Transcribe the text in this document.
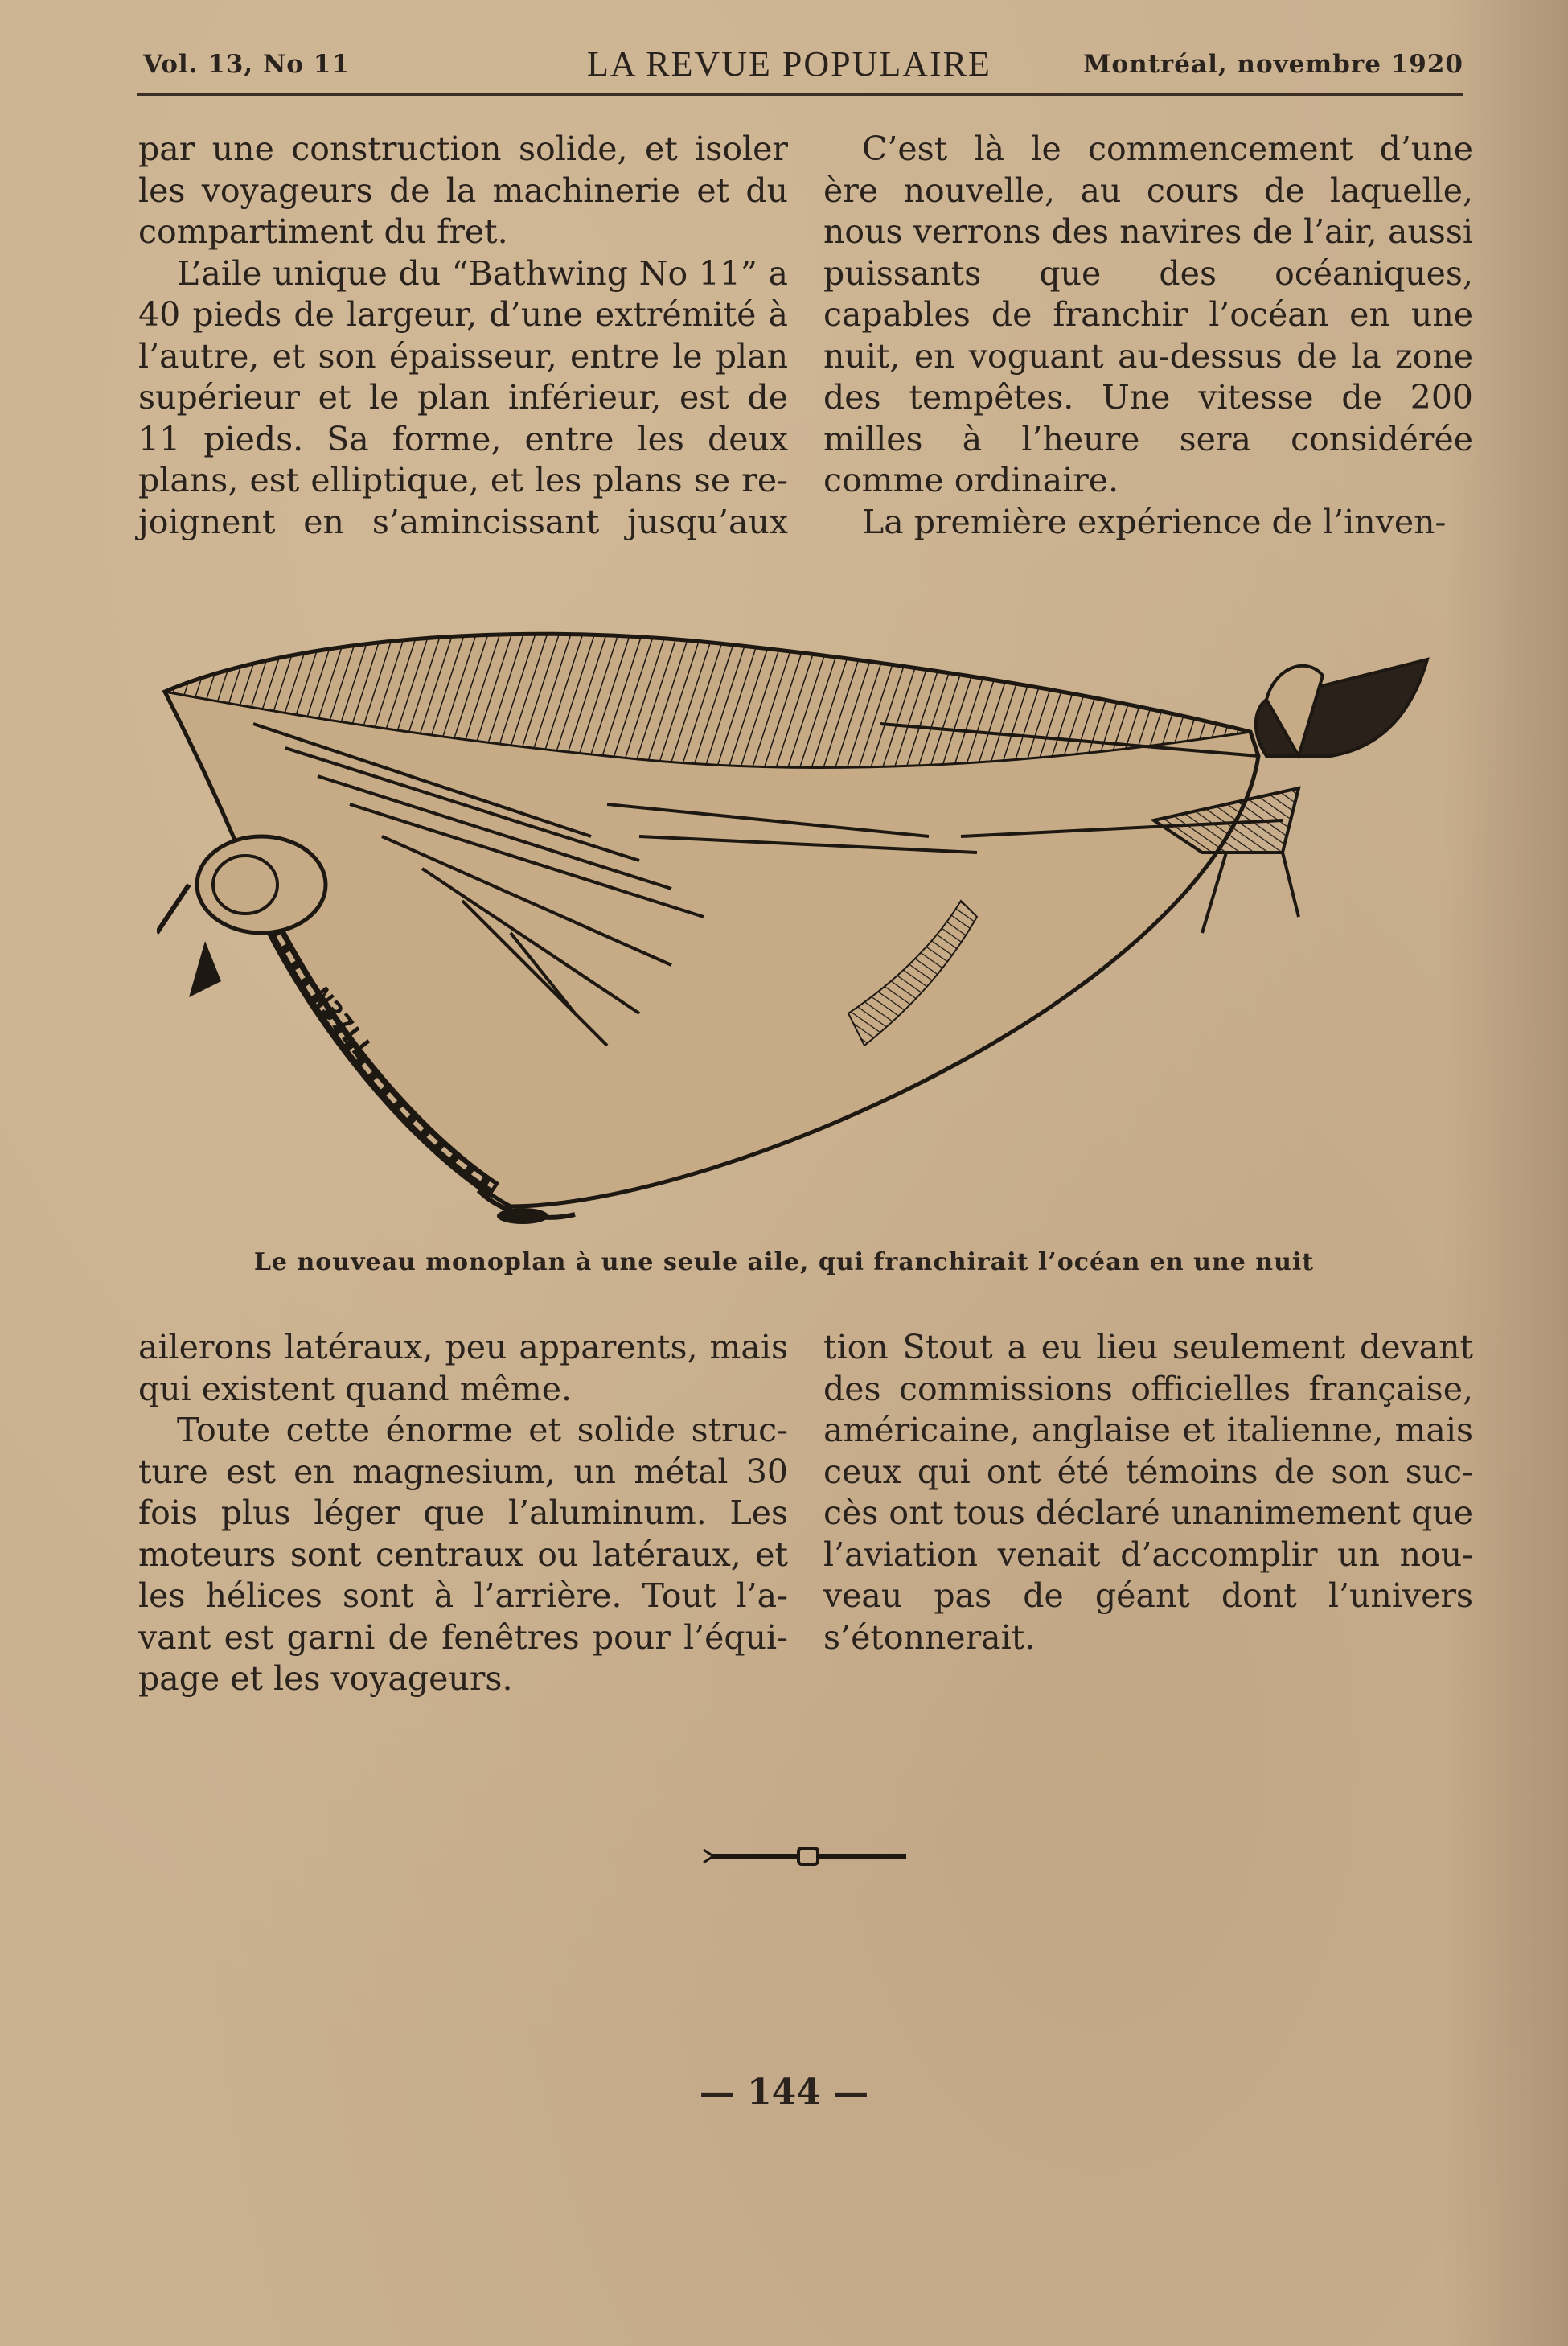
Vol. 13, No 11	LA REVUE POPULAIRE	Montréal, novembre 1920

par une construction solide, et isoler les voyageurs de la machinerie et du compartiment du fret.

L’aile unique du “Bathwing No 11” a 40 pieds de largeur, d’une extrémité à l’autre, et son épaisseur, entre le plan supérieur et le plan inférieur, est de 11 pieds. Sa forme, entre les deux plans, est elliptique, et les plans se rejoignent en s’amincissant jusqu’aux

C’est là le commencement d’une ère nouvelle, au cours de laquelle, nous verrons des navires de l’air, aussi puissants que des océaniques, capables de franchir l’océan en une nuit, en voguant au-dessus de la zone des tempêtes. Une vitesse de 200 milles à l’heure sera considérée comme ordinaire.

La première expérience de l’inven-

N37LL
Le nouveau monoplan à une seule aile, qui franchirait l’océan en une nuit

ailerons latéraux, peu apparents, mais qui existent quand même.

Toute cette énorme et solide structure est en magnesium, un métal 30 fois plus léger que l’aluminum. Les moteurs sont centraux ou latéraux, et les hélices sont à l’arrière. Tout l’avant est garni de fenêtres pour l’équipage et les voyageurs.

tion Stout a eu lieu seulement devant des commissions officielles française, américaine, anglaise et italienne, mais ceux qui ont été témoins de son succès ont tous déclaré unanimement que l’aviation venait d’accomplir un nouveau pas de géant dont l’univers s’étonnerait.

— 144 —
